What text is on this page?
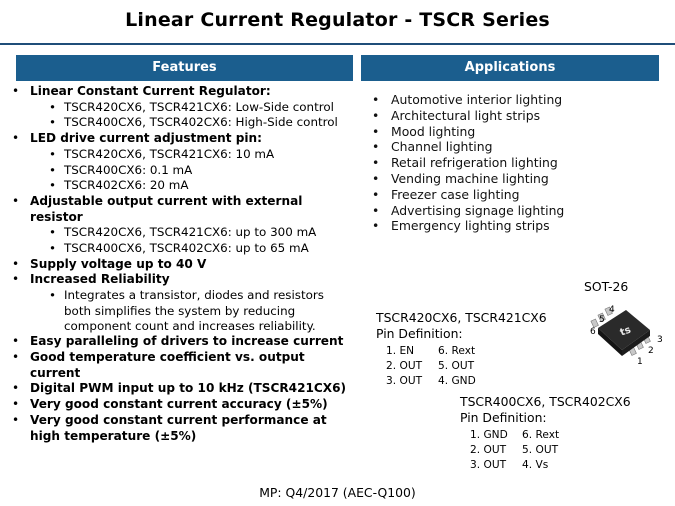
Linear Current Regulator - TSCR Series
Features	Applications
• Linear Constant Current Regulator:
• TSCR420CX6, TSCR421CX6: Low-Side control
• TSCR400CX6, TSCR402CX6: High-Side control
• LED drive current adjustment pin:
• TSCR420CX6, TSCR421CX6: 10 mA
• TSCR400CX6: 0.1 mA
• TSCR402CX6: 20 mA
• Adjustable output current with external resistor
• TSCR420CX6, TSCR421CX6: up to 300 mA
• TSCR400CX6, TSCR402CX6: up to 65 mA
• Supply voltage up to 40 V
• Increased Reliability
• Integrates a transistor, diodes and resistors both simplifies the system by reducing component count and increases reliability.
• Easy paralleling of drivers to increase current
• Good temperature coefficient vs. output current
• Digital PWM input up to 10 kHz (TSCR421CX6)
• Very good constant current accuracy (±5%)
• Very good constant current performance at high temperature (±5%)
• Automotive interior lighting
• Architectural light strips
• Mood lighting
• Channel lighting
• Retail refrigeration lighting
• Vending machine lighting
• Freezer case lighting
• Advertising signage lighting
• Emergency lighting strips
SOT-26
ts
4
5
6
3
2
1
TSCR420CX6, TSCR421CX6
Pin Definition:
1. EN	6. Rext
2. OUT	5. OUT
3. OUT	4. GND
TSCR400CX6, TSCR402CX6
Pin Definition:
1. GND	6. Rext
2. OUT	5. OUT
3. OUT	4. Vs
MP: Q4/2017 (AEC-Q100)
